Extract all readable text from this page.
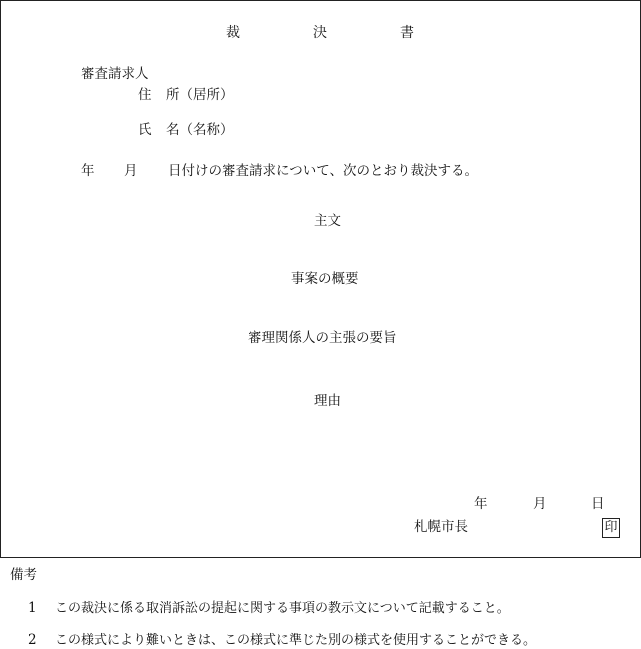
裁	決	書
審査請求人
住 所（居所）
氏 名（名称）
年 月 日付けの審査請求について、次のとおり裁決する。
主文
事案の概要
審理関係人の主張の要旨
理由
年	月	日
札幌市長	印
備考
1 この裁決に係る取消訴訟の提起に関する事項の教示文について記載すること。
2 この様式により難いときは、この様式に準じた別の様式を使用することができる。
